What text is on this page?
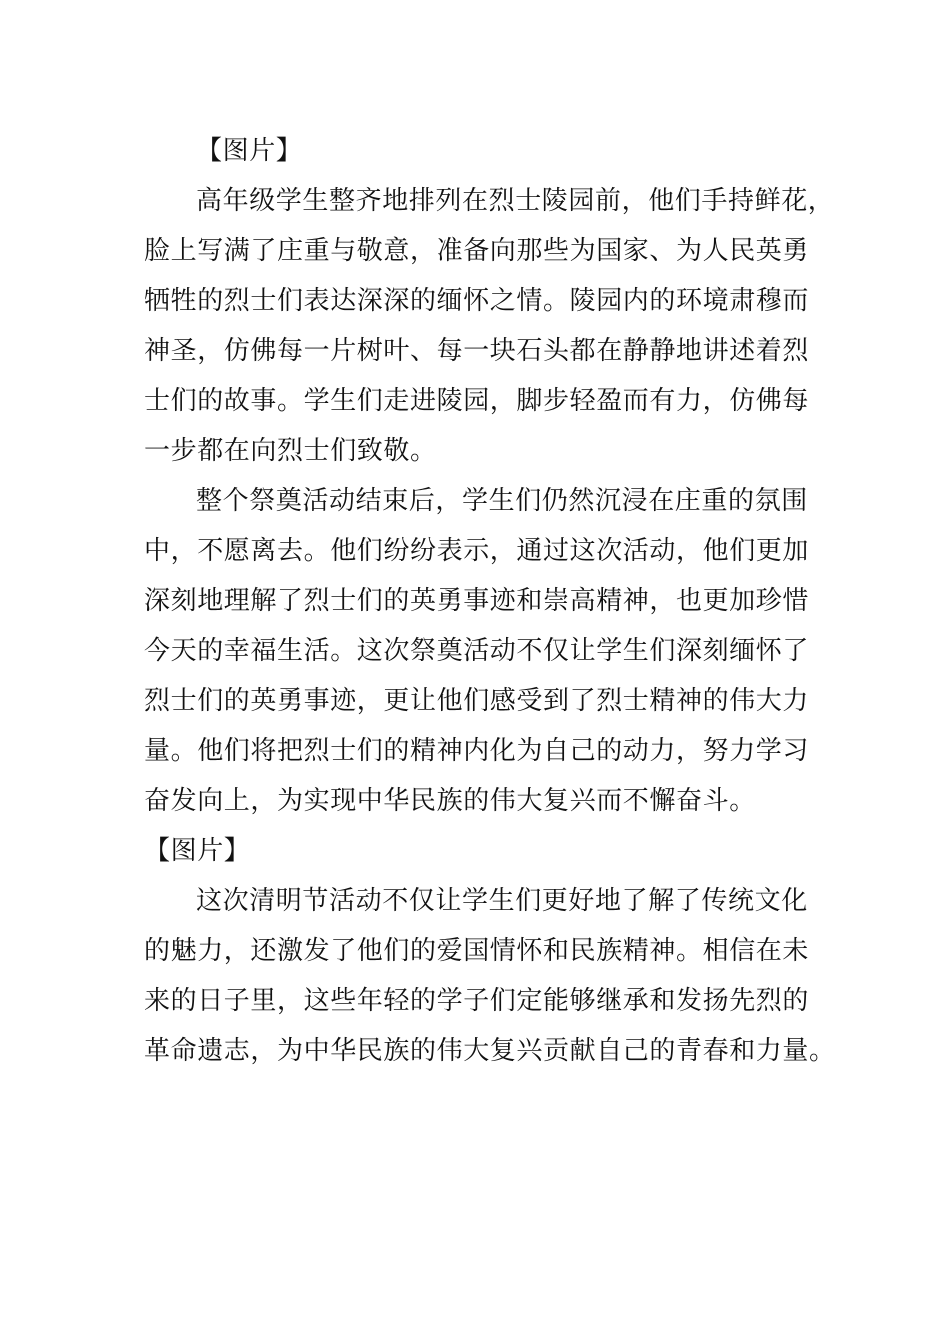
【图片】
高年级学生整齐地排列在烈士陵园前，他们手持鲜花，
脸上写满了庄重与敬意，准备向那些为国家、为人民英勇
牺牲的烈士们表达深深的缅怀之情。陵园内的环境肃穆而
神圣，仿佛每一片树叶、每一块石头都在静静地讲述着烈
士们的故事。学生们走进陵园，脚步轻盈而有力，仿佛每
一步都在向烈士们致敬。
整个祭奠活动结束后，学生们仍然沉浸在庄重的氛围
中，不愿离去。他们纷纷表示，通过这次活动，他们更加
深刻地理解了烈士们的英勇事迹和崇高精神，也更加珍惜
今天的幸福生活。这次祭奠活动不仅让学生们深刻缅怀了
烈士们的英勇事迹，更让他们感受到了烈士精神的伟大力
量。他们将把烈士们的精神内化为自己的动力，努力学习
奋发向上，为实现中华民族的伟大复兴而不懈奋斗。
【图片】
这次清明节活动不仅让学生们更好地了解了传统文化
的魅力，还激发了他们的爱国情怀和民族精神。相信在未
来的日子里，这些年轻的学子们定能够继承和发扬先烈的
革命遗志，为中华民族的伟大复兴贡献自己的青春和力量。
